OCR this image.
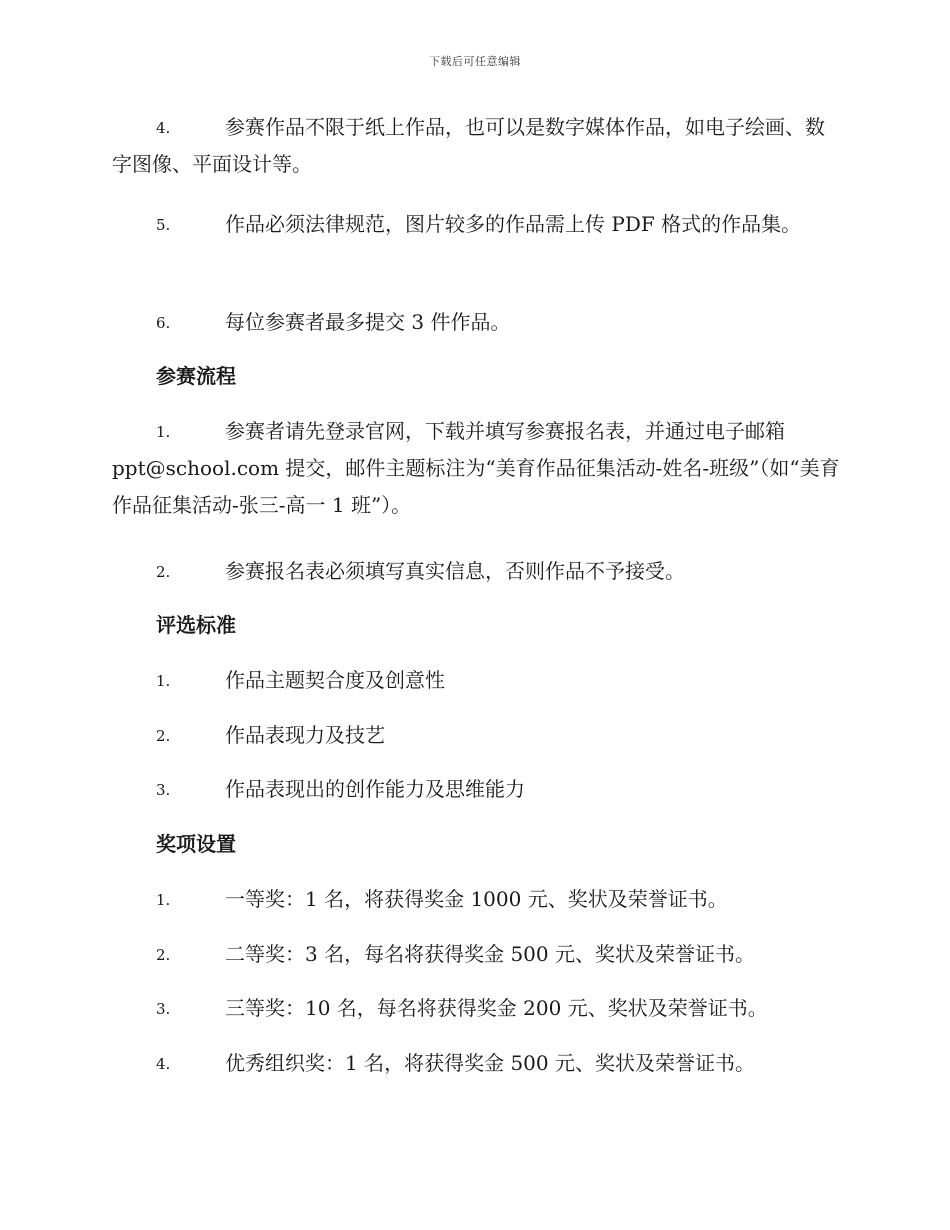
下载后可任意编辑
4.	参赛作品不限于纸上作品，也可以是数字媒体作品，如电子绘画、数字图像、平面设计等。
5.	作品必须法律规范，图片较多的作品需上传 PDF 格式的作品集。
6.	每位参赛者最多提交 3 件作品。
参赛流程
1.	参赛者请先登录官网，下载并填写参赛报名表，并通过电子邮箱 ppt@school.com 提交，邮件主题标注为“美育作品征集活动-姓名-班级”（如“美育作品征集活动-张三-高一 1 班”）。
2.	参赛报名表必须填写真实信息，否则作品不予接受。
评选标准
1.	作品主题契合度及创意性
2.	作品表现力及技艺
3.	作品表现出的创作能力及思维能力
奖项设置
1.	一等奖：1 名，将获得奖金 1000 元、奖状及荣誉证书。
2.	二等奖：3 名，每名将获得奖金 500 元、奖状及荣誉证书。
3.	三等奖：10 名，每名将获得奖金 200 元、奖状及荣誉证书。
4.	优秀组织奖：1 名，将获得奖金 500 元、奖状及荣誉证书。
